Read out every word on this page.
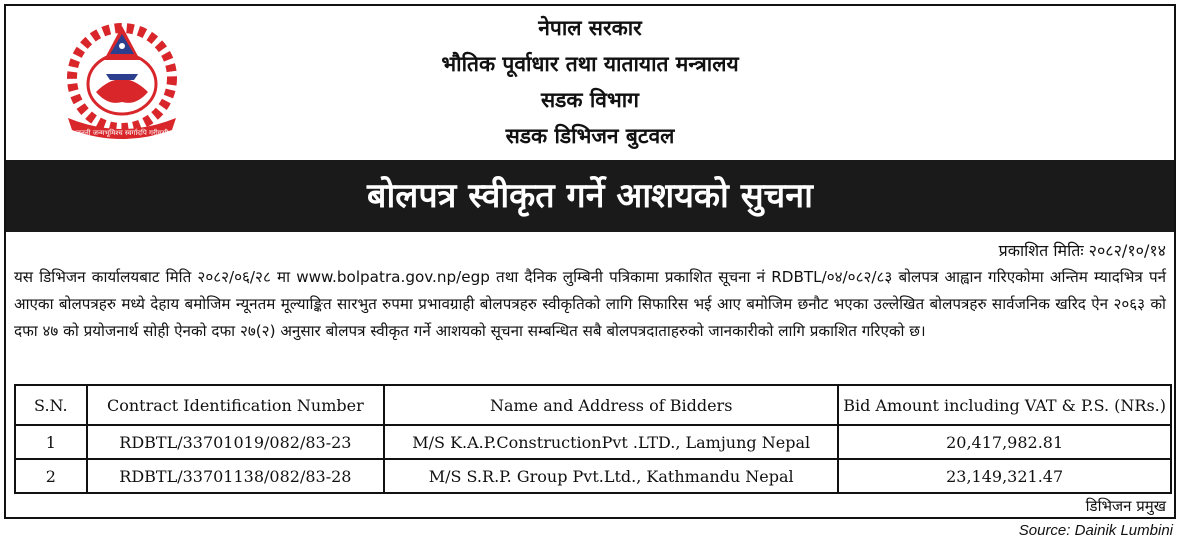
जननी जन्मभूमिश्च स्वर्गादपि गरीयसी
नेपाल सरकार
भौतिक पूर्वाधार तथा यातायात मन्त्रालय
सडक विभाग
सडक डिभिजन बुटवल
बोलपत्र स्वीकृत गर्ने आशयको सुचना
प्रकाशित मितिः २०८२/१०/१४
यस डिभिजन कार्यालयबाट मिति २०८२/०६/२८ मा www.bolpatra.gov.np/egp तथा दैनिक लुम्बिनी पत्रिकामा प्रकाशित सूचना नं RDBTL/०४/०८२/८३ बोलपत्र आह्वान गरिएकोमा अन्तिम म्यादभित्र पर्न आएका बोलपत्रहरु मध्ये देहाय बमोजिम न्यूनतम मूल्याङ्कित सारभुत रुपमा प्रभावग्राही बोलपत्रहरु स्वीकृतिको लागि सिफारिस भई आए बमोजिम छनौट भएका उल्लेखित बोलपत्रहरु सार्वजनिक खरिद ऐन २०६३ को दफा ४७ को प्रयोजनार्थ सोही ऐनको दफा २७(२) अनुसार बोलपत्र स्वीकृत गर्ने आशयको सूचना सम्बन्धित सबै बोलपत्रदाताहरुको जानकारीको लागि प्रकाशित गरिएको छ।
S.N.	Contract Identification Number	Name and Address of Bidders	Bid Amount including VAT & P.S. (NRs.)
1	RDBTL/33701019/082/83-23	M/S K.A.P.ConstructionPvt .LTD., Lamjung Nepal	20,417,982.81
2	RDBTL/33701138/082/83-28	M/S S.R.P. Group Pvt.Ltd., Kathmandu Nepal	23,149,321.47
डिभिजन प्रमुख
Source: Dainik Lumbini
